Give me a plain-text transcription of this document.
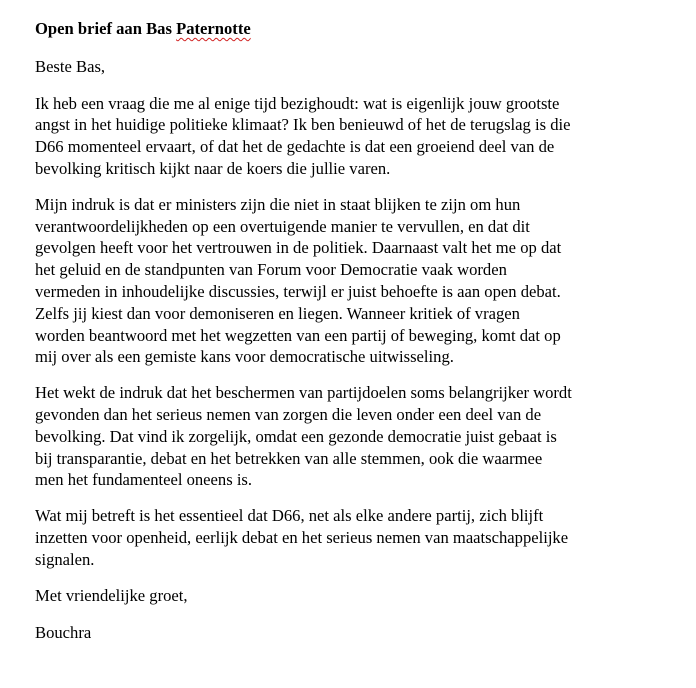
Open brief aan Bas Paternotte

Beste Bas,

Ik heb een vraag die me al enige tijd bezighoudt: wat is eigenlijk jouw grootste
angst in het huidige politieke klimaat? Ik ben benieuwd of het de terugslag is die
D66 momenteel ervaart, of dat het de gedachte is dat een groeiend deel van de
bevolking kritisch kijkt naar de koers die jullie varen.
Mijn indruk is dat er ministers zijn die niet in staat blijken te zijn om hun
verantwoordelijkheden op een overtuigende manier te vervullen, en dat dit
gevolgen heeft voor het vertrouwen in de politiek. Daarnaast valt het me op dat
het geluid en de standpunten van Forum voor Democratie vaak worden
vermeden in inhoudelijke discussies, terwijl er juist behoefte is aan open debat.
Zelfs jij kiest dan voor demoniseren en liegen. Wanneer kritiek of vragen
worden beantwoord met het wegzetten van een partij of beweging, komt dat op
mij over als een gemiste kans voor democratische uitwisseling.
Het wekt de indruk dat het beschermen van partijdoelen soms belangrijker wordt
gevonden dan het serieus nemen van zorgen die leven onder een deel van de
bevolking. Dat vind ik zorgelijk, omdat een gezonde democratie juist gebaat is
bij transparantie, debat en het betrekken van alle stemmen, ook die waarmee
men het fundamenteel oneens is.
Wat mij betreft is het essentieel dat D66, net als elke andere partij, zich blijft
inzetten voor openheid, eerlijk debat en het serieus nemen van maatschappelijke
signalen.

Met vriendelijke groet,

Bouchra
